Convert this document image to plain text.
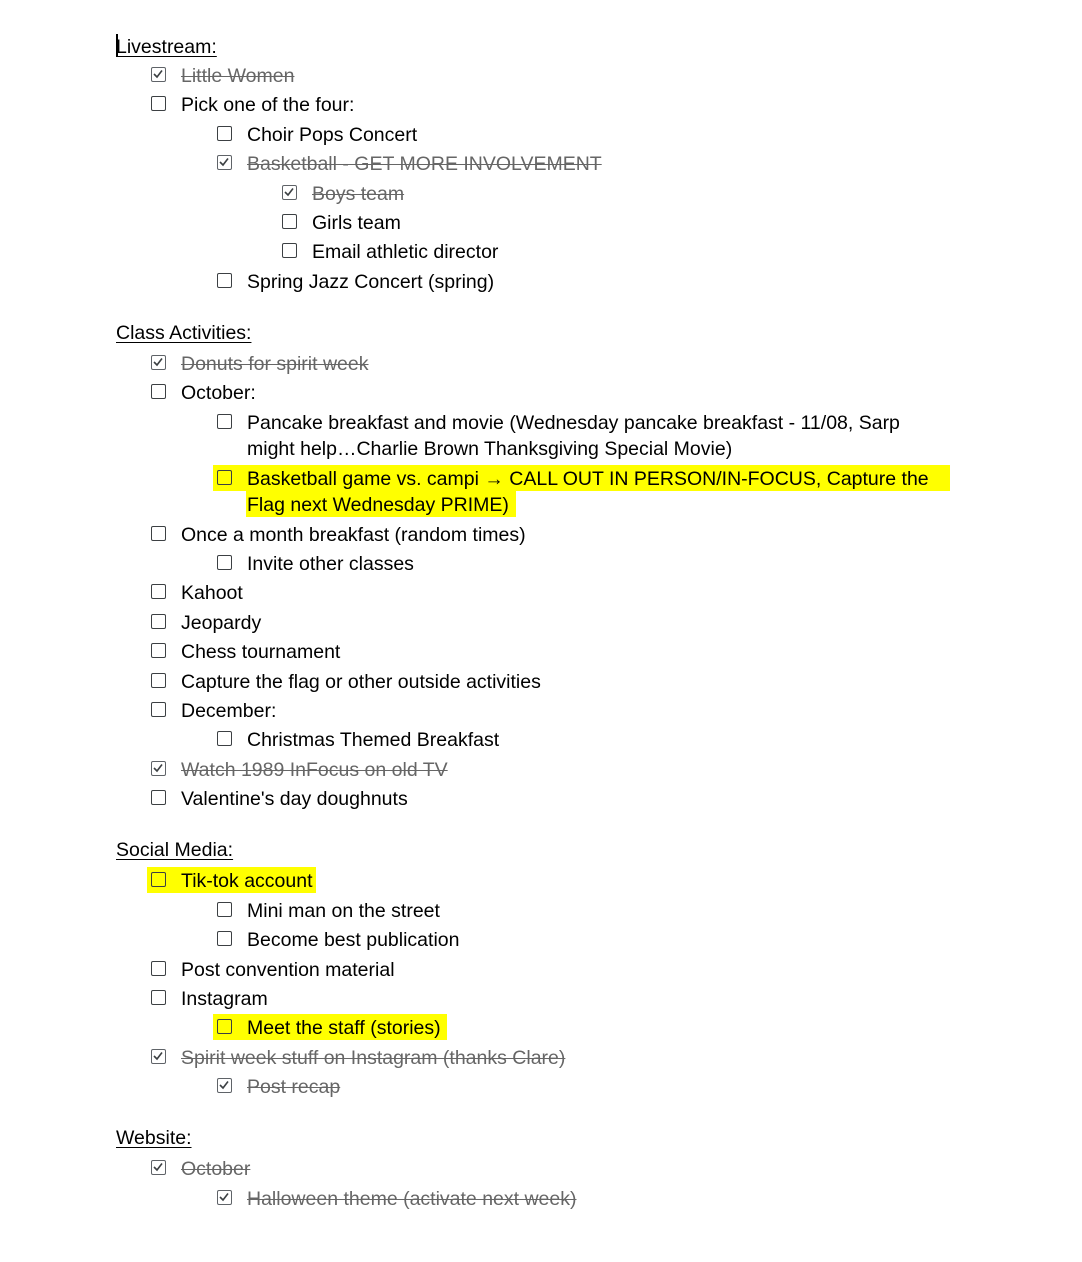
Livestream:
Little Women
Pick one of the four:
Choir Pops Concert
Basketball - GET MORE INVOLVEMENT
Boys team
Girls team
Email athletic director
Spring Jazz Concert (spring)
Class Activities:
Donuts for spirit week
October:
Pancake breakfast and movie (Wednesday pancake breakfast - 11/08, Sarp
might help…Charlie Brown Thanksgiving Special Movie)
Basketball game vs. campi → CALL OUT IN PERSON/IN-FOCUS, Capture the
Flag next Wednesday PRIME)
Once a month breakfast (random times)
Invite other classes
Kahoot
Jeopardy
Chess tournament
Capture the flag or other outside activities
December:
Christmas Themed Breakfast
Watch 1989 InFocus on old TV
Valentine's day doughnuts
Social Media:
Tik-tok account
Mini man on the street
Become best publication
Post convention material
Instagram
Meet the staff (stories)
Spirit week stuff on Instagram (thanks Clare)
Post recap
Website:
October
Halloween theme (activate next week)
